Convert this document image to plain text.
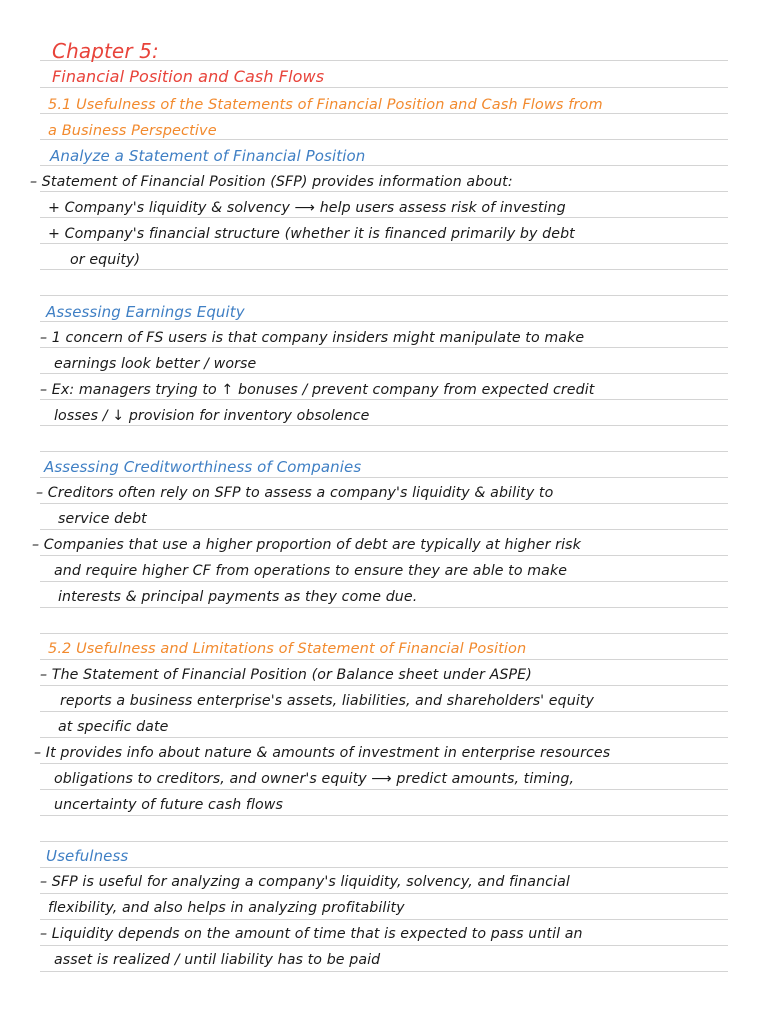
Chapter 5:
Financial Position and Cash Flows
5.1 Usefulness of the Statements of Financial Position and Cash Flows from
a Business Perspective
Analyze a Statement of Financial Position
– Statement of Financial Position (SFP) provides information about:
+ Company's liquidity & solvency ⟶ help users assess risk of investing
+ Company's financial structure (whether it is financed primarily by debt
or equity)
Assessing Earnings Equity
– 1 concern of FS users is that company insiders might manipulate to make
earnings look better / worse
– Ex: managers trying to ↑ bonuses / prevent company from expected credit
losses / ↓ provision for inventory obsolence
Assessing Creditworthiness of Companies
– Creditors often rely on SFP to assess a company's liquidity & ability to
service debt
– Companies that use a higher proportion of debt are typically at higher risk
and require higher CF from operations to ensure they are able to make
interests & principal payments as they come due.
5.2 Usefulness and Limitations of Statement of Financial Position
– The Statement of Financial Position (or Balance sheet under ASPE)
reports a business enterprise's assets, liabilities, and shareholders' equity
at specific date
– It provides info about nature & amounts of investment in enterprise resources
obligations to creditors, and owner's equity ⟶ predict amounts, timing,
uncertainty of future cash flows
Usefulness
– SFP is useful for analyzing a company's liquidity, solvency, and financial
flexibility, and also helps in analyzing profitability
– Liquidity depends on the amount of time that is expected to pass until an
asset is realized / until liability has to be paid
